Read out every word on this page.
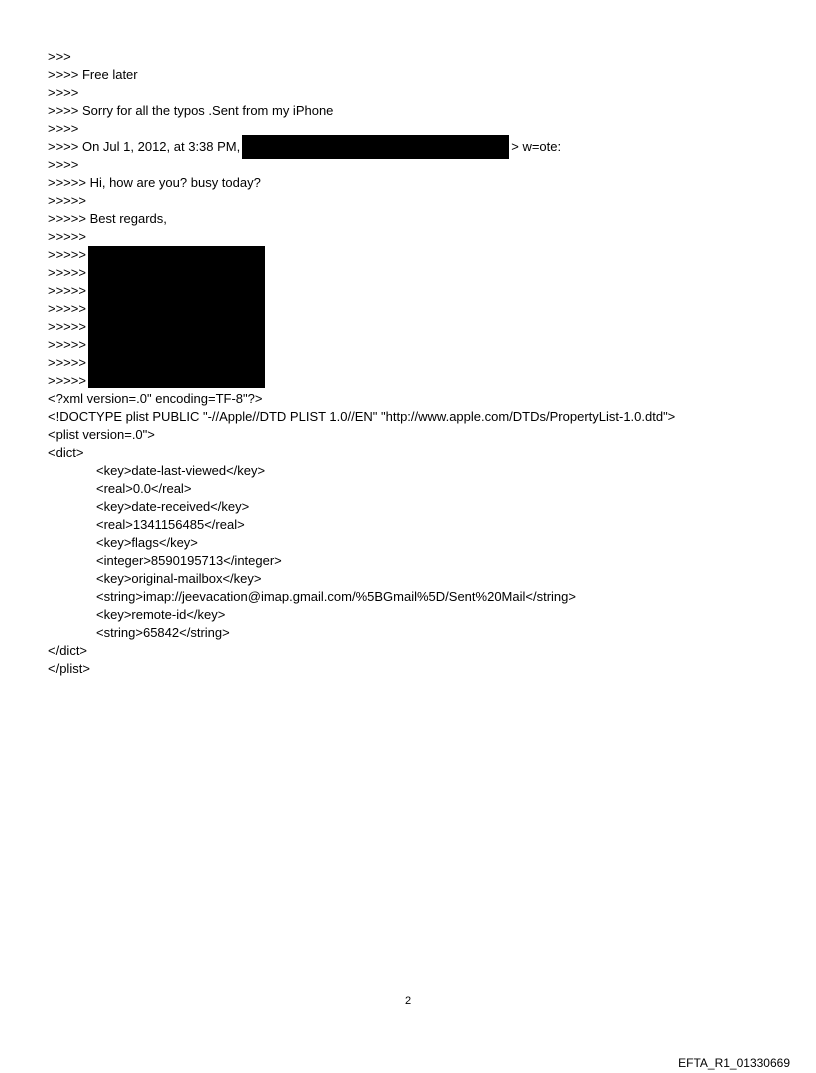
>>>
>>>> Free later
>>>>
>>>> Sorry for all the typos .Sent from my iPhone
>>>>
>>>> On Jul 1, 2012, at 3:38 PM,	> w=ote:
>>>>
>>>>> Hi, how are you? busy today?
>>>>>
>>>>> Best regards,
>>>>>
>>>>>
>>>>>
>>>>>
>>>>>
>>>>>
>>>>>
>>>>>
>>>>>
<?xml version=.0" encoding=TF-8"?>
<!DOCTYPE plist PUBLIC "-//Apple//DTD PLIST 1.0//EN" "http://www.apple.com/DTDs/PropertyList-1.0.dtd">
<plist version=.0">
<dict>
<key>date-last-viewed</key>
<real>0.0</real>
<key>date-received</key>
<real>1341156485</real>
<key>flags</key>
<integer>8590195713</integer>
<key>original-mailbox</key>
<string>imap://jeevacation@imap.gmail.com/%5BGmail%5D/Sent%20Mail</string>
<key>remote-id</key>
<string>65842</string>
</dict>
</plist>
2
EFTA_R1_01330669
